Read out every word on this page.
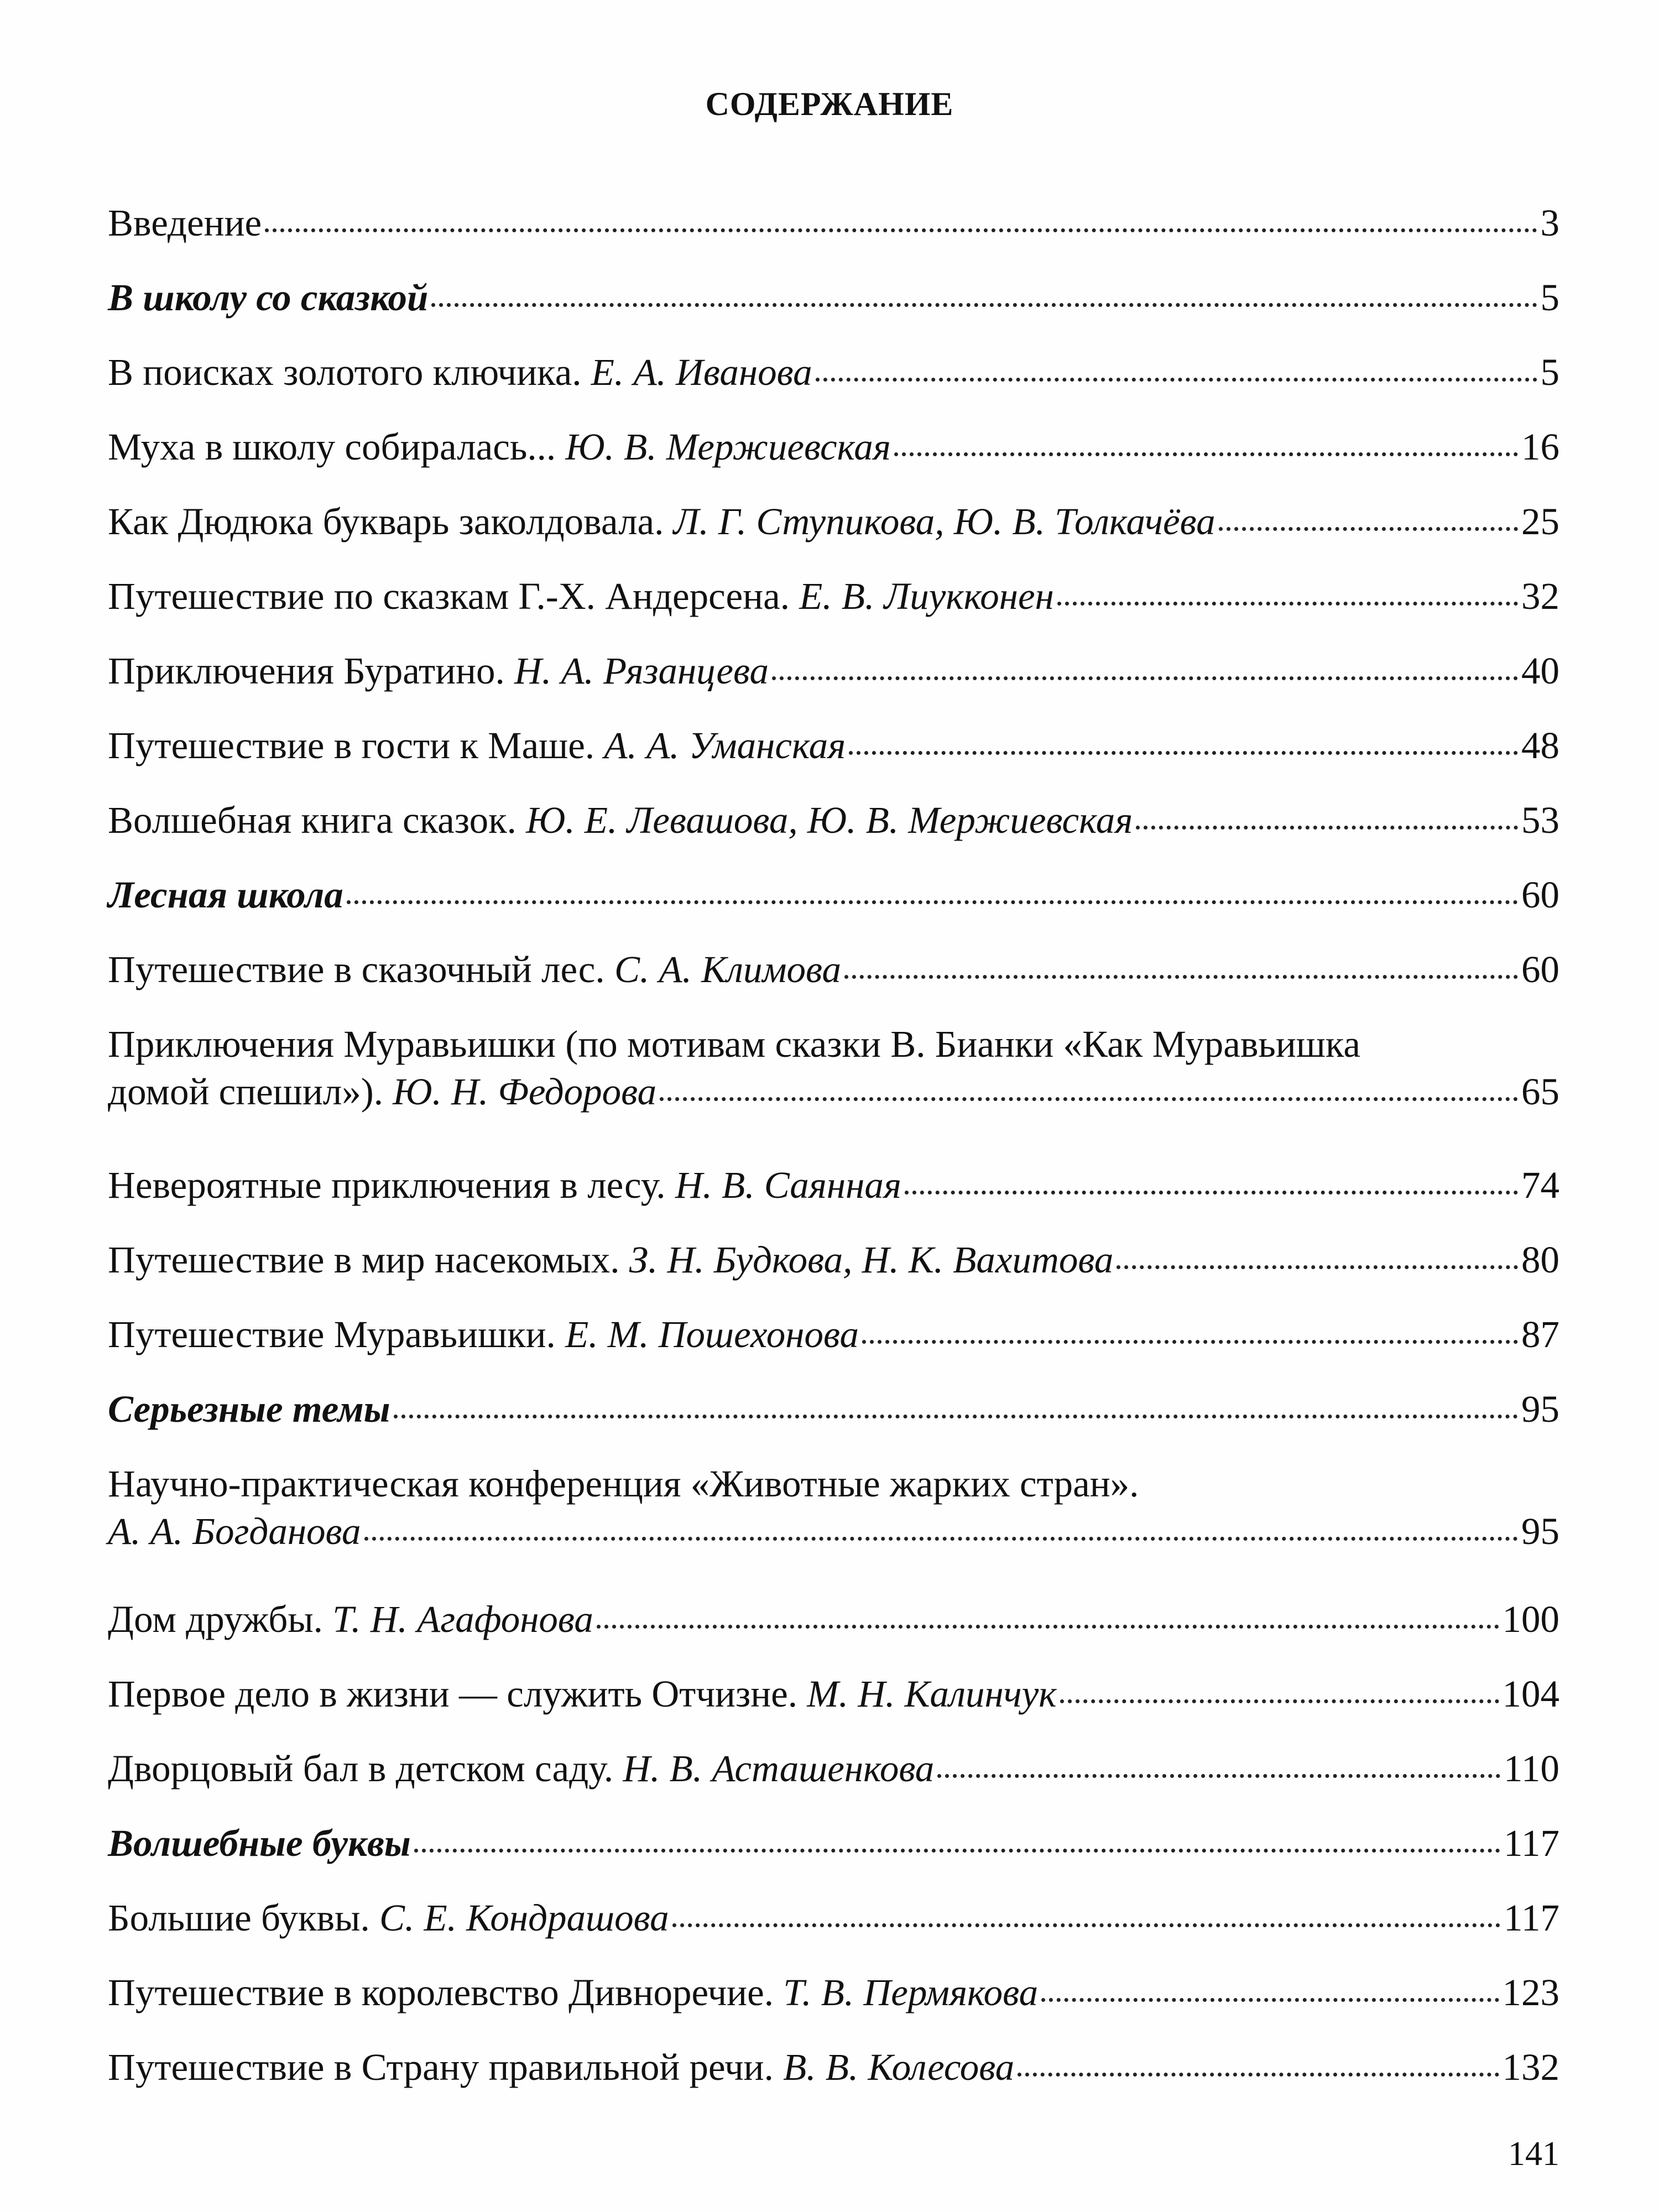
СОДЕРЖАНИЕ
Введение	3
В школу со сказкой	5
В поисках золотого ключика. Е. А. Иванова	5
Муха в школу собиралась... Ю. В. Мержиевская	16
Как Дюдюка букварь заколдовала. Л. Г. Ступикова, Ю. В. Толкачёва	25
Путешествие по сказкам Г.-Х. Андерсена. Е. В. Лиукконен	32
Приключения Буратино. Н. А. Рязанцева	40
Путешествие в гости к Маше. А. А. Уманская	48
Волшебная книга сказок. Ю. Е. Левашова, Ю. В. Мержиевская	53
Лесная школа	60
Путешествие в сказочный лес. С. А. Климова	60
Приключения Муравьишки (по мотивам сказки В. Бианки «Как Муравьишка
домой спешил»). Ю. Н. Федорова	65
Невероятные приключения в лесу. Н. В. Саянная	74
Путешествие в мир насекомых. З. Н. Будкова, Н. К. Вахитова	80
Путешествие Муравьишки. Е. М. Пошехонова	87
Серьезные темы	95
Научно-практическая конференция «Животные жарких стран».
А. А. Богданова	95
Дом дружбы. Т. Н. Агафонова	100
Первое дело в жизни — служить Отчизне. М. Н. Калинчук	104
Дворцовый бал в детском саду. Н. В. Асташенкова	110
Волшебные буквы	117
Большие буквы. С. Е. Кондрашова	117
Путешествие в королевство Дивноречие. Т. В. Пермякова	123
Путешествие в Страну правильной речи. В. В. Колесова	132
141
